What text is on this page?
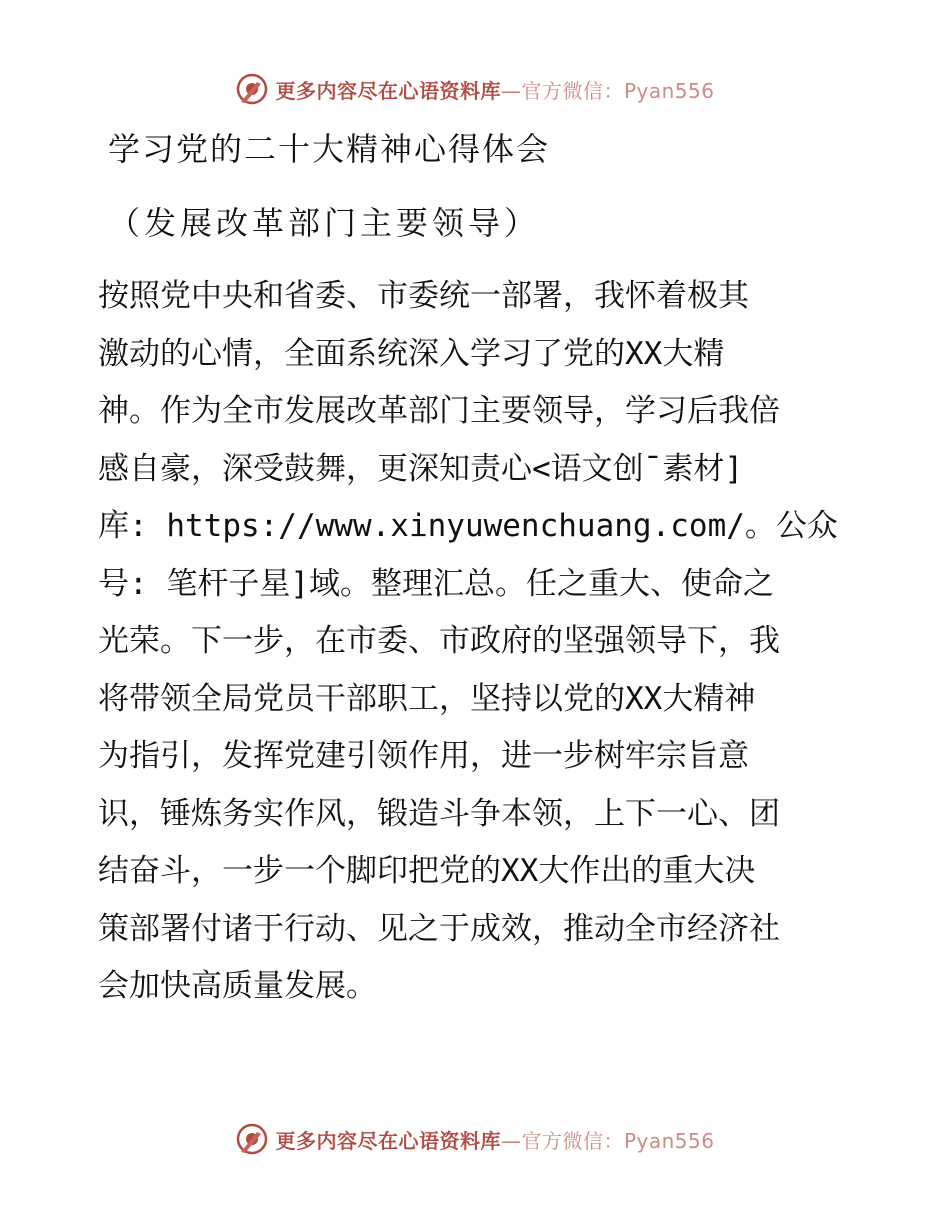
更多内容尽在心语资料库—官方微信：Pyan556
学习党的二十大精神心得体会
（发展改革部门主要领导）
按照党中央和省委、市委统一部署，我怀着极其
激动的心情，全面系统深入学习了党的XX大精
神。作为全市发展改革部门主要领导，学习后我倍
感自豪，深受鼓舞，更深知责心<语文创¯素材]
库: https://www.xinyuwenchuang.com/。公众
号: 笔杆子星]域。整理汇总。任之重大、使命之
光荣。下一步，在市委、市政府的坚强领导下，我
将带领全局党员干部职工，坚持以党的XX大精神
为指引，发挥党建引领作用，进一步树牢宗旨意
识，锤炼务实作风，锻造斗争本领，上下一心、团
结奋斗，一步一个脚印把党的XX大作出的重大决
策部署付诸于行动、见之于成效，推动全市经济社
会加快高质量发展。
更多内容尽在心语资料库—官方微信：Pyan556
